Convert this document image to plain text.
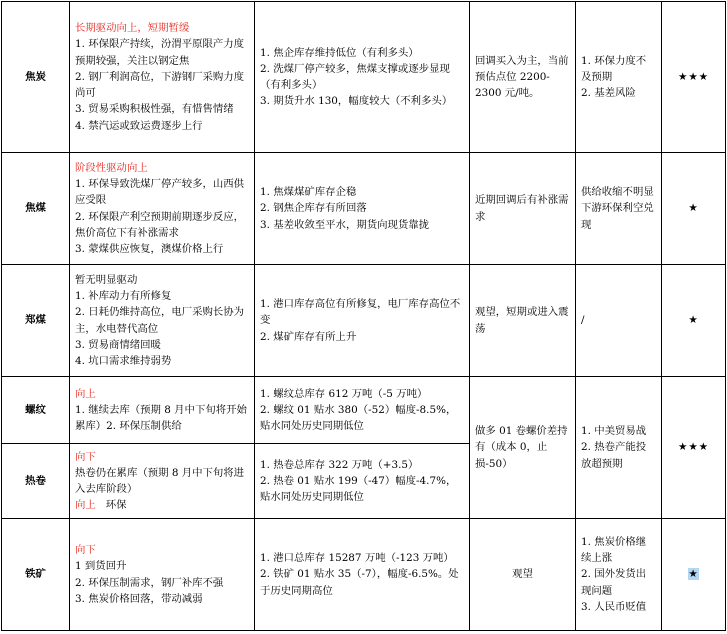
焦炭	长期驱动向上，短期暂缓
1. 环保限产持续，汾渭平原限产力度预期较强，关注以钢定焦
2. 钢厂利润高位，下游钢厂采购力度尚可
3. 贸易采购积极性强，有惜售情绪
4. 禁汽运或致运费逐步上行	1. 焦企库存维持低位（有利多头）
2. 洗煤厂停产较多，焦煤支撑或逐步显现（有利多头）
3. 期货升水 130，幅度较大（不利多头）	回调买入为主，当前预估点位 2200-2300 元/吨。	1. 环保力度不及预期
2. 基差风险	★★★
焦煤	阶段性驱动向上
1. 环保导致洗煤厂停产较多，山西供应受限
2. 环保限产利空预期前期逐步反应，焦价高位下有补涨需求
3. 蒙煤供应恢复，澳煤价格上行	1. 焦煤煤矿库存企稳
2. 钢焦企库存有所回落
3. 基差收敛至平水，期货向现货靠拢	近期回调后有补涨需求	供给收缩不明显
下游环保利空兑现	★
郑煤	暂无明显驱动
1. 补库动力有所修复
2. 日耗仍维持高位，电厂采购长协为主，水电替代高位
3. 贸易商情绪回暖
4. 坑口需求维持弱势	1. 港口库存高位有所修复，电厂库存高位不变
2. 煤矿库存有所上升	观望，短期或进入震荡	/	★
螺纹	向上
1. 继续去库（预期 8 月中下旬将开始累库）2. 环保压制供给	1. 螺纹总库存 612 万吨（-5 万吨）
2. 螺纹 01 贴水 380（-52）幅度-8.5%，贴水同处历史同期低位	做多 01 卷螺价差持有（成本 0，止损-50）	1. 中美贸易战
2. 热卷产能投放超预期	★★★
热卷	向下
热卷仍在累库（预期 8 月中下旬将进入去库阶段）
向上 环保	1. 热卷总库存 322 万吨（+3.5）
2. 热卷 01 贴水 199（-47）幅度-4.7%，贴水同处历史同期低位			

铁矿	向下
1 到货回升
2. 环保压制需求，钢厂补库不强
3. 焦炭价格回落，带动减弱	1. 港口总库存 15287 万吨（-123 万吨）
2. 铁矿 01 贴水 35（-7），幅度-6.5%。处于历史同期高位	观望	1. 焦炭价格继续上涨
2. 国外发货出现问题
3. 人民币贬值	★
